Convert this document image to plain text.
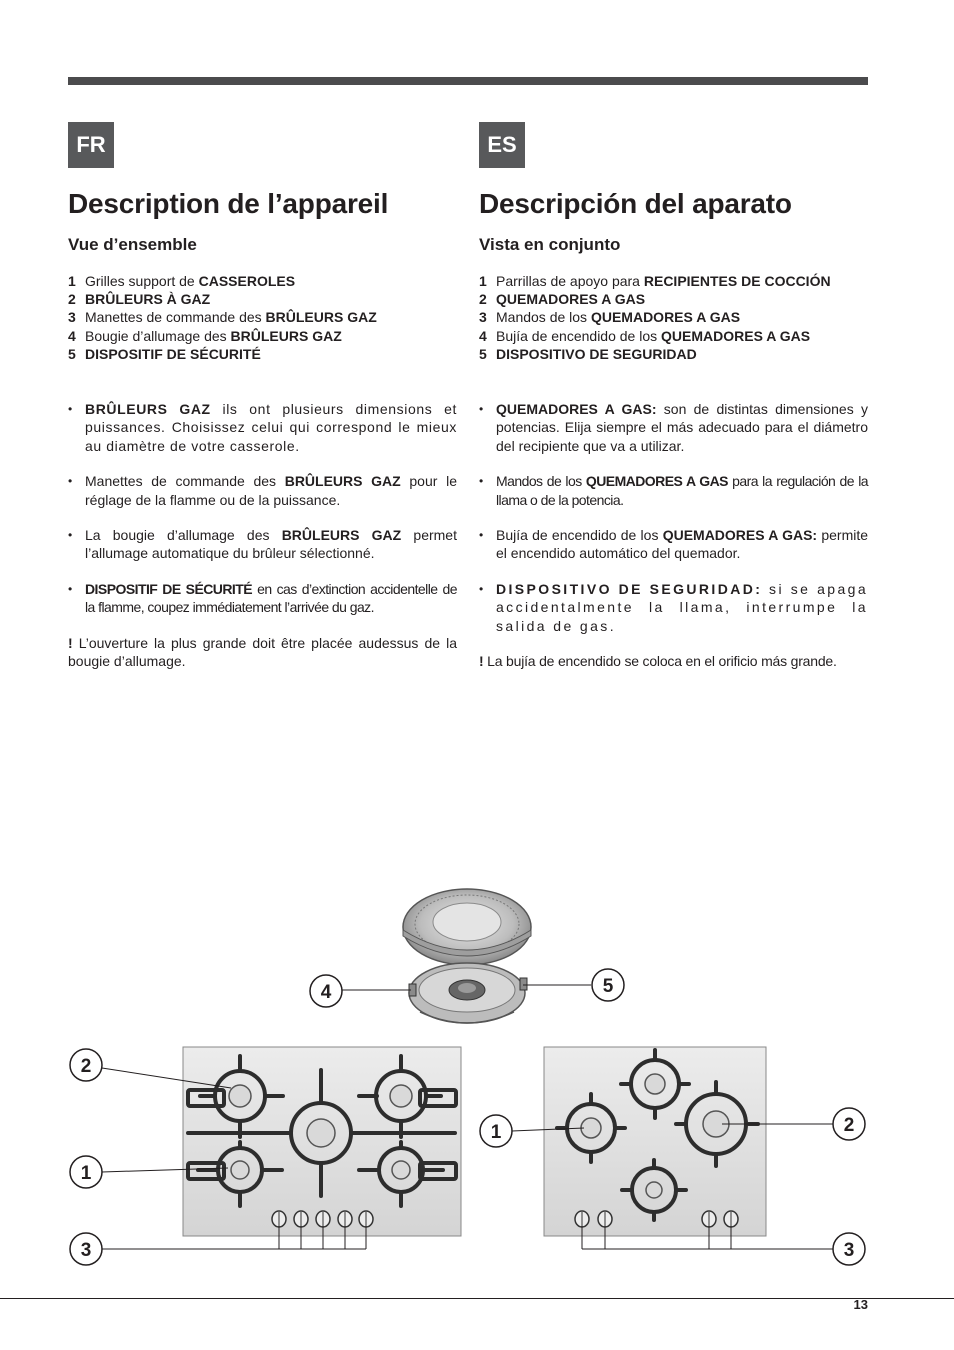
FR	ES
Description de l’appareil
Vue d’ensemble
1 Grilles support de CASSEROLES
2 BRÛLEURS À GAZ
3 Manettes de commande des BRÛLEURS GAZ
4 Bougie d’allumage des BRÛLEURS GAZ
5 DISPOSITIF DE SÉCURITÉ
• BRÛLEURS GAZ ils ont plusieurs dimensions et puissances. Choisissez celui qui correspond le mieux au diamètre de votre casserole.
• Manettes de commande des BRÛLEURS GAZ pour le réglage de la flamme ou de la puissance.
• La bougie d’allumage des BRÛLEURS GAZ permet l’allumage automatique du brûleur sélectionné.
• DISPOSITIF DE SÉCURITÉ en cas d’extinction accidentelle de la flamme, coupez immédiatement l’arrivée du gaz.
! L’ouverture la plus grande doit être placée audessus de la bougie d’allumage.
Descripción del aparato
Vista en conjunto
1 Parrillas de apoyo para RECIPIENTES DE COCCIÓN
2 QUEMADORES A GAS
3 Mandos de los QUEMADORES A GAS
4 Bujía de encendido de los QUEMADORES A GAS
5 DISPOSITIVO DE SEGURIDAD
• QUEMADORES A GAS: son de distintas dimensiones y potencias. Elija siempre el más adecuado para el diámetro del recipiente que va a utilizar.
• Mandos de los QUEMADORES A GAS para la regulación de la llama o de la potencia.
• Bujía de encendido de los QUEMADORES A GAS: permite el encendido automático del quemador.
• DISPOSITIVO DE SEGURIDAD: si se apaga accidentalmente la llama, interrumpe la salida de gas.
! La bujía de encendido se coloca en el orificio más grande.
4	5
2
1
3
1	2
3
13
